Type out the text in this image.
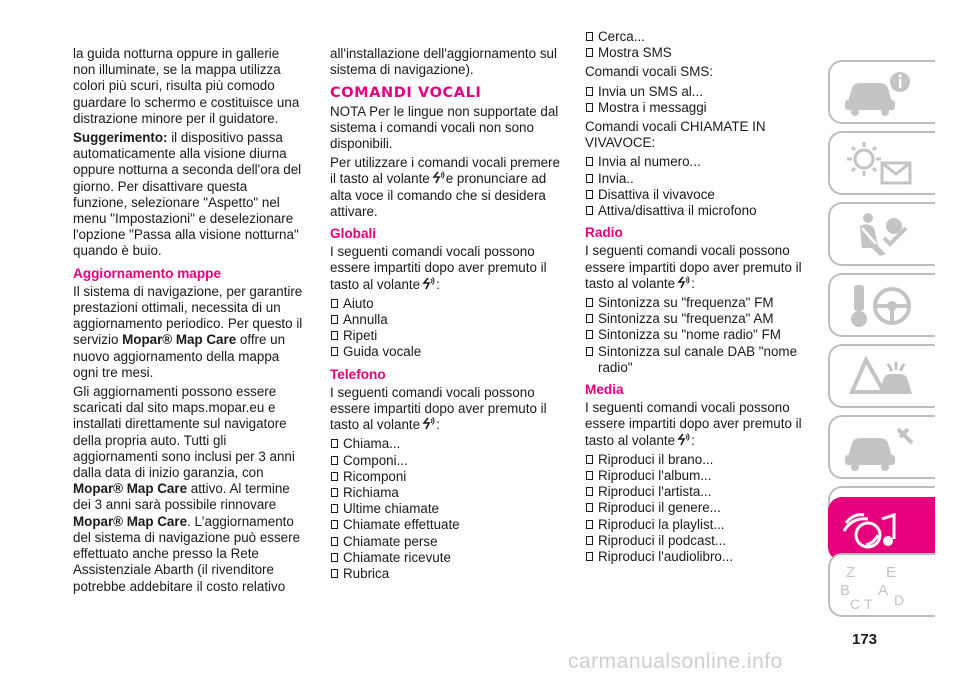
la guida notturna oppure in gallerie non illuminate, se la mappa utilizza colori più scuri, risulta più comodo guardare lo schermo e costituisce una distrazione minore per il guidatore.

Suggerimento: il dispositivo passa automaticamente alla visione diurna oppure notturna a seconda dell'ora del giorno. Per disattivare questa funzione, selezionare "Aspetto" nel menu "Impostazioni" e deselezionare l'opzione "Passa alla visione notturna" quando è buio.

Aggiornamento mappe

Il sistema di navigazione, per garantire prestazioni ottimali, necessita di un aggiornamento periodico. Per questo il servizio Mopar® Map Care offre un nuovo aggiornamento della mappa ogni tre mesi.

Gli aggiornamenti possono essere scaricati dal sito maps.mopar.eu e installati direttamente sul navigatore della propria auto. Tutti gli aggiornamenti sono inclusi per 3 anni dalla data di inizio garanzia, con Mopar® Map Care attivo. Al termine dei 3 anni sarà possibile rinnovare Mopar® Map Care. L'aggiornamento del sistema di navigazione può essere effettuato anche presso la Rete Assistenziale Abarth (il rivenditore potrebbe addebitare il costo relativo

all'installazione dell'aggiornamento sul sistema di navigazione).

COMANDI VOCALI

NOTA Per le lingue non supportate dal sistema i comandi vocali non sono disponibili.

Per utilizzare i comandi vocali premere il tasto al volante e pronunciare ad alta voce il comando che si desidera attivare.

Globali

I seguenti comandi vocali possono essere impartiti dopo aver premuto il tasto al volante :

Aiuto
Annulla
Ripeti
Guida vocale
Telefono

I seguenti comandi vocali possono essere impartiti dopo aver premuto il tasto al volante :

Chiama...
Componi...
Ricomponi
Richiama
Ultime chiamate
Chiamate effettuate
Chiamate perse
Chiamate ricevute
Rubrica
Cerca...
Mostra SMS

Comandi vocali SMS:

Invia un SMS al...
Mostra i messaggi

Comandi vocali CHIAMATE IN VIVAVOCE:

Invia al numero...
Invia..
Disattiva il vivavoce
Attiva/disattiva il microfono
Radio

I seguenti comandi vocali possono essere impartiti dopo aver premuto il tasto al volante :

Sintonizza su "frequenza" FM
Sintonizza su "frequenza" AM
Sintonizza su "nome radio" FM
Sintonizza sul canale DAB "nome radio"
Media

I seguenti comandi vocali possono essere impartiti dopo aver premuto il tasto al volante :

Riproduci il brano...
Riproduci l'album...
Riproduci l'artista...
Riproduci il genere...
Riproduci la playlist...
Riproduci il podcast...
Riproduci l'audiolibro...
Z E
B A
C T D
173
carmanualsonline.info
